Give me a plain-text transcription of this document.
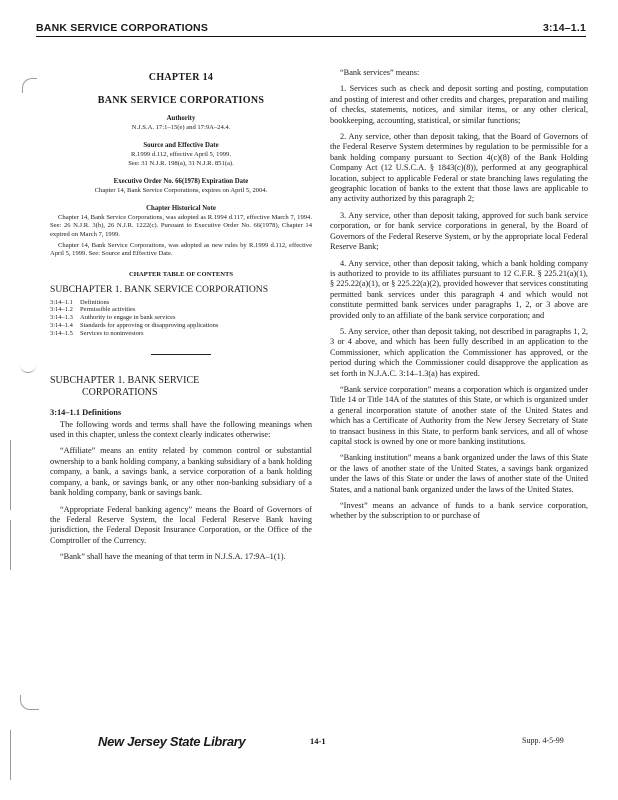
BANK SERVICE CORPORATIONS	3:14–1.1
CHAPTER 14
BANK SERVICE CORPORATIONS
Authority

N.J.S.A. 17:1–15(e) and 17:9A–24.4.

Source and Effective Date

R.1999 d.112, effective April 5, 1999.

See: 31 N.J.R. 198(a), 31 N.J.R. 851(a).

Executive Order No. 66(1978) Expiration Date

Chapter 14, Bank Service Corporations, expires on April 5, 2004.

Chapter Historical Note

Chapter 14, Bank Service Corporations, was adopted as R.1994 d.117, effective March 7, 1994. See: 26 N.J.R. 3(b), 26 N.J.R. 1222(c). Pursuant to Executive Order No. 66(1978), Chapter 14 expired on March 7, 1999.

Chapter 14, Bank Service Corporations, was adopted as new rules by R.1999 d.112, effective April 5, 1999. See: Source and Effective Date.

CHAPTER TABLE OF CONTENTS
SUBCHAPTER 1. BANK SERVICE CORPORATIONS
3:14–1.1	Definitions
3:14–1.2	Permissible activities
3:14–1.3	Authority to engage in bank services
3:14–1.4	Standards for approving or disapproving applications
3:14–1.5	Services to noninvestors
SUBCHAPTER 1. BANK SERVICE
CORPORATIONS
3:14–1.1 Definitions

The following words and terms shall have the following meanings when used in this chapter, unless the context clearly indicates otherwise:

“Affiliate” means an entity related by common control or substantial ownership to a bank holding company, a banking subsidiary of a bank holding company, a bank, a savings bank, a service corporation of a bank holding company, a bank, or savings bank, or any other non-banking subsidiary of a bank holding company, bank or savings bank.

“Appropriate Federal banking agency” means the Board of Governors of the Federal Reserve System, the local Federal Reserve Bank having jurisdiction, the Federal Deposit Insurance Corporation, or the Office of the Comptroller of the Currency.

“Bank” shall have the meaning of that term in N.J.S.A. 17:9A–1(1).

“Bank services” means:

1. Services such as check and deposit sorting and posting, computation and posting of interest and other credits and charges, preparation and mailing of checks, statements, notices, and similar items, or any other clerical, bookkeeping, accounting, statistical, or similar functions;

2. Any service, other than deposit taking, that the Board of Governors of the Federal Reserve System determines by regulation to be permissible for a bank holding company pursuant to Section 4(c)(8) of the Bank Holding Company Act (12 U.S.C.A. § 1843(c)(8)), performed at any geographical location, subject to applicable Federal or state branching laws regulating the geographic location of banks to the extent that those laws are applicable to any activity authorized by this paragraph 2;

3. Any service, other than deposit taking, approved for such bank service corporation, or for bank service corporations in general, by the Board of Governors of the Federal Reserve System, or by the appropriate local Federal Reserve Bank;

4. Any service, other than deposit taking, which a bank holding company is authorized to provide to its affiliates pursuant to 12 C.F.R. § 225.21(a)(1), § 225.22(a)(1), or § 225.22(a)(2), provided however that services constituting permitted bank services under this paragraph 4 and which would not constitute permitted bank services under paragraphs 1, 2, or 3 above are provided only to an affiliate of the bank service corporation; and

5. Any service, other than deposit taking, not described in paragraphs 1, 2, 3 or 4 above, and which has been fully described in an application to the Commissioner, which application the Commissioner has approved, or the period during which the Commissioner could disapprove the application as set forth in N.J.A.C. 3:14–1.3(a) has expired.

“Bank service corporation” means a corporation which is organized under Title 14 or Title 14A of the statutes of this State, or which is organized under a general incorporation statute of another state of the United States and which has a Certificate of Authority from the New Jersey Secretary of State to transact business in this State, to perform bank services, and all of whose capital stock is owned by one or more banking institutions.

“Banking institution” means a bank organized under the laws of this State or the laws of another state of the United States, a savings bank organized under the laws of this State or under the laws of another state of the United States, and a national bank organized under the laws of the United States.

“Invest” means an advance of funds to a bank service corporation, whether by the subscription to or purchase of

New Jersey State Library	14-1	Supp. 4-5-99
